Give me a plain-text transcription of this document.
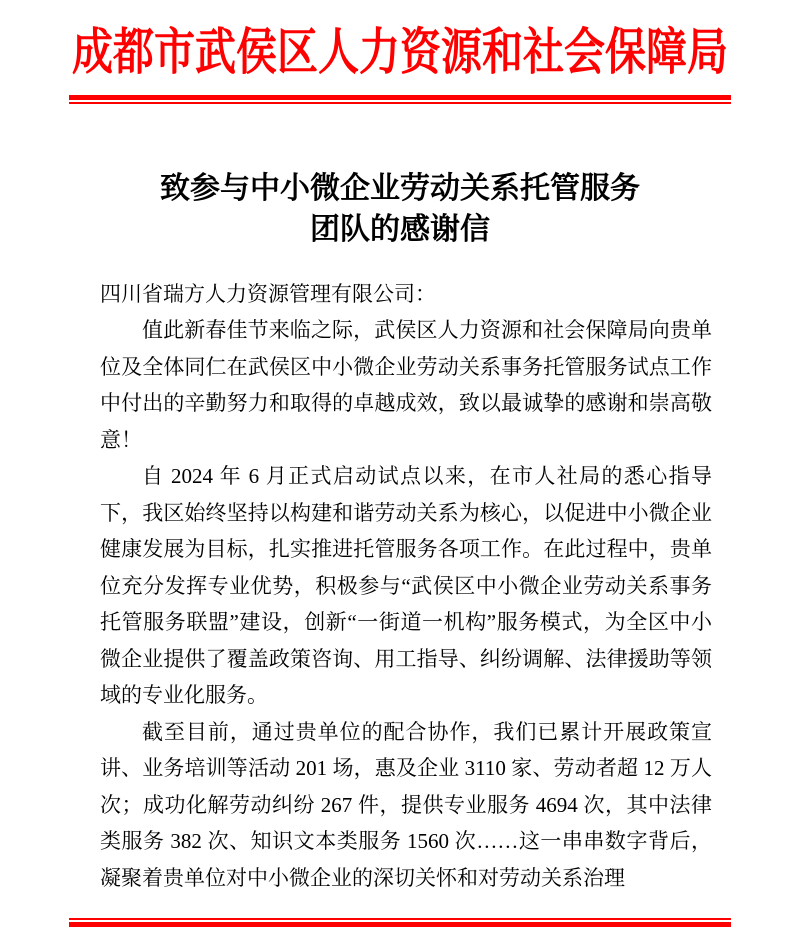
成都市武侯区人力资源和社会保障局
致参与中小微企业劳动关系托管服务
团队的感谢信

四川省瑞方人力资源管理有限公司：

值此新春佳节来临之际，武侯区人力资源和社会保障局向贵单位及全体同仁在武侯区中小微企业劳动关系事务托管服务试点工作中付出的辛勤努力和取得的卓越成效，致以最诚挚的感谢和崇高敬意！

自 2024 年 6 月正式启动试点以来，在市人社局的悉心指导下，我区始终坚持以构建和谐劳动关系为核心，以促进中小微企业健康发展为目标，扎实推进托管服务各项工作。在此过程中，贵单位充分发挥专业优势，积极参与“武侯区中小微企业劳动关系事务托管服务联盟”建设，创新“一街道一机构”服务模式，为全区中小微企业提供了覆盖政策咨询、用工指导、纠纷调解、法律援助等领域的专业化服务。

截至目前，通过贵单位的配合协作，我们已累计开展政策宣讲、业务培训等活动 201 场，惠及企业 3110 家、劳动者超 12 万人次；成功化解劳动纠纷 267 件，提供专业服务 4694 次，其中法律类服务 382 次、知识文本类服务 1560 次……这一串串数字背后，凝聚着贵单位对中小微企业的深切关怀和对劳动关系治理
